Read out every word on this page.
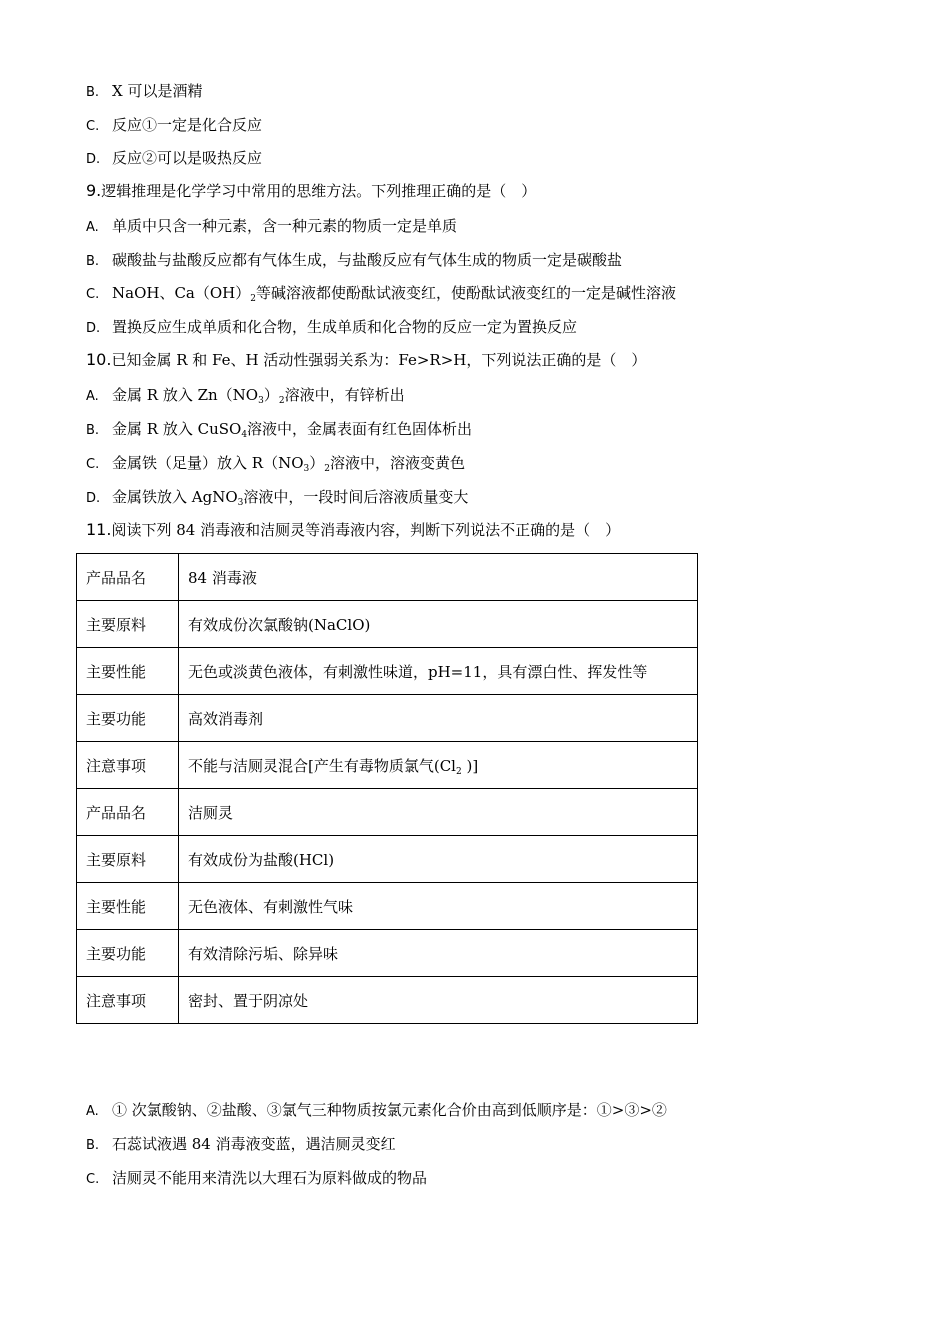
B. X 可以是酒精
C. 反应①一定是化合反应
D. 反应②可以是吸热反应
9.逻辑推理是化学学习中常用的思维方法。下列推理正确的是（　）
A. 单质中只含一种元素，含一种元素的物质一定是单质
B. 碳酸盐与盐酸反应都有气体生成，与盐酸反应有气体生成的物质一定是碳酸盐
C. NaOH、$Ca(OH)_2$等碱溶液都使酚酞试液变红，使酚酞试液变红的一定是碱性溶液
D. 置换反应生成单质和化合物，生成单质和化合物的反应一定为置换反应
10.已知金属 R 和 Fe、H 活动性强弱关系为：Fe>R>H，下列说法正确的是（　）
A. 金属 R 放入 $Zn(NO_3)_2$溶液中，有锌析出
B. 金属 R 放入 CuSO$_4$溶液中，金属表面有红色固体析出
C. 金属铁（足量）放入 $R(NO_3)_2$溶液中，溶液变黄色
D. 金属铁放入 AgNO$_3$溶液中，一段时间后溶液质量变大
11.阅读下列 84 消毒液和洁厕灵等消毒液内容，判断下列说法不正确的是（　）
产品品名	84 消毒液
主要原料	有效成份次氯酸钠(NaClO)
主要性能	无色或淡黄色液体，有刺激性味道，pH=11，具有漂白性、挥发性等
主要功能	高效消毒剂
注意事项	不能与洁厕灵混合[产生有毒物质氯气($Cl_2$ )]
产品品名	洁厕灵
主要原料	有效成份为盐酸(HCl)
主要性能	无色液体、有刺激性气味
主要功能	有效清除污垢、除异味
注意事项	密封、置于阴凉处
A. ① 次氯酸钠、②盐酸、③氯气三种物质按氯元素化合价由高到低顺序是：①>③>②
B. 石蕊试液遇 84 消毒液变蓝，遇洁厕灵变红
C. 洁厕灵不能用来清洗以大理石为原料做成的物品
